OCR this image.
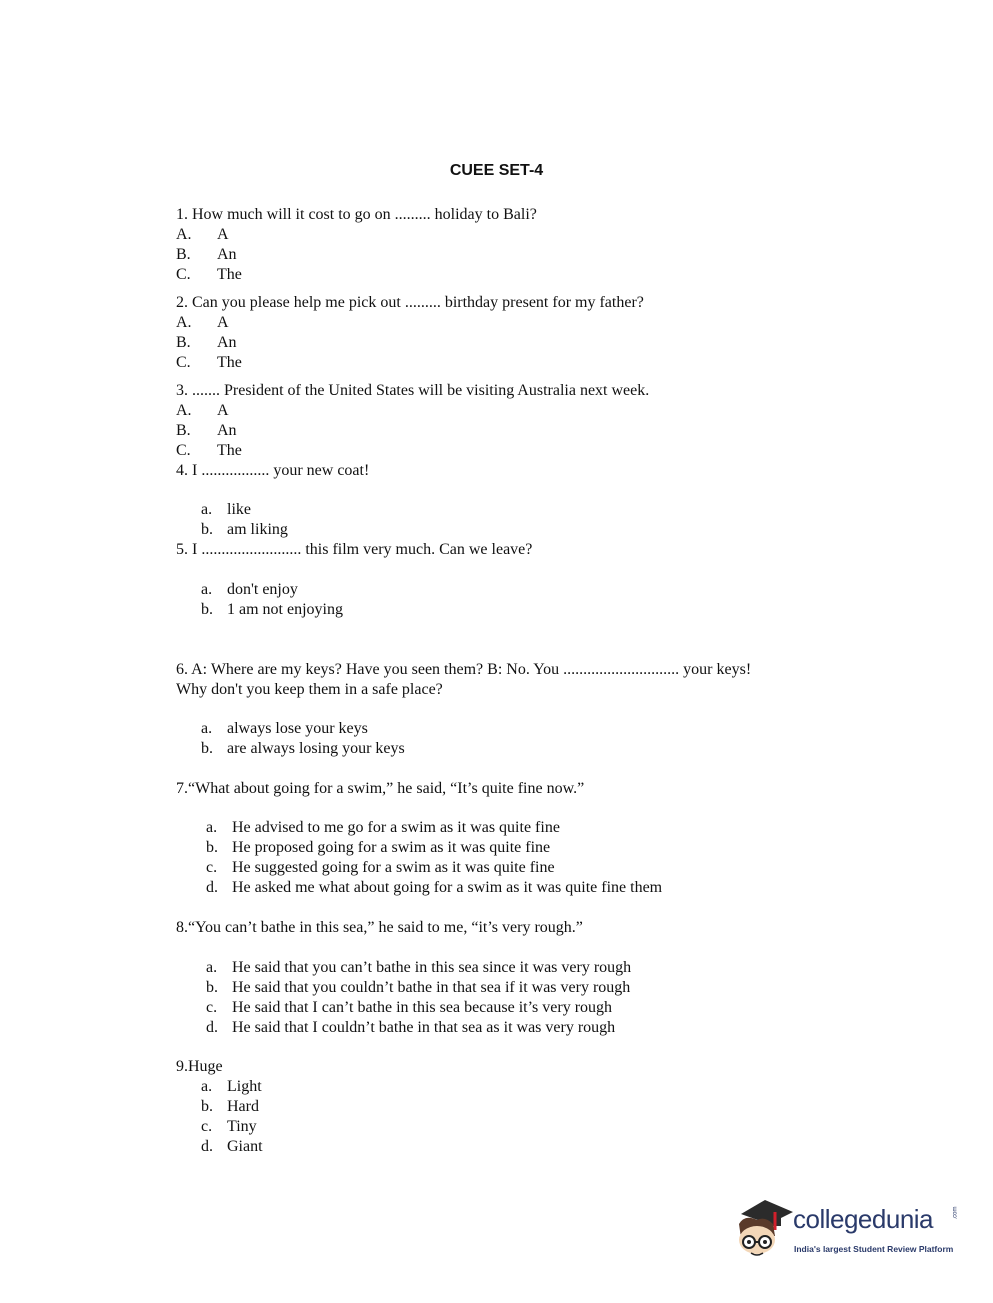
CUEE SET-4
1. How much will it cost to go on ......... holiday to Bali?
A. A
B. An
C. The
2. Can you please help me pick out ......... birthday present for my father?
A. A
B. An
C. The
3. ....... President of the United States will be visiting Australia next week.
A. A
B. An
C. The
4. I ................. your new coat!
a. like
b. am liking
5. I ......................... this film very much. Can we leave?
a. don't enjoy
b. 1 am not enjoying
6. A: Where are my keys? Have you seen them? B: No. You ............................. your keys!
Why don't you keep them in a safe place?
a. always lose your keys
b. are always losing your keys
7.“What about going for a swim,” he said, “It’s quite fine now.”
a. He advised to me go for a swim as it was quite fine
b. He proposed going for a swim as it was quite fine
c. He suggested going for a swim as it was quite fine
d. He asked me what about going for a swim as it was quite fine them
8.“You can’t bathe in this sea,” he said to me, “it’s very rough.”
a. He said that you can’t bathe in this sea since it was very rough
b. He said that you couldn’t bathe in that sea if it was very rough
c. He said that I can’t bathe in this sea because it’s very rough
d. He said that I couldn’t bathe in that sea as it was very rough
9.Huge
a. Light
b. Hard
c. Tiny
d. Giant
collegedunia	.com
India's largest Student Review Platform
